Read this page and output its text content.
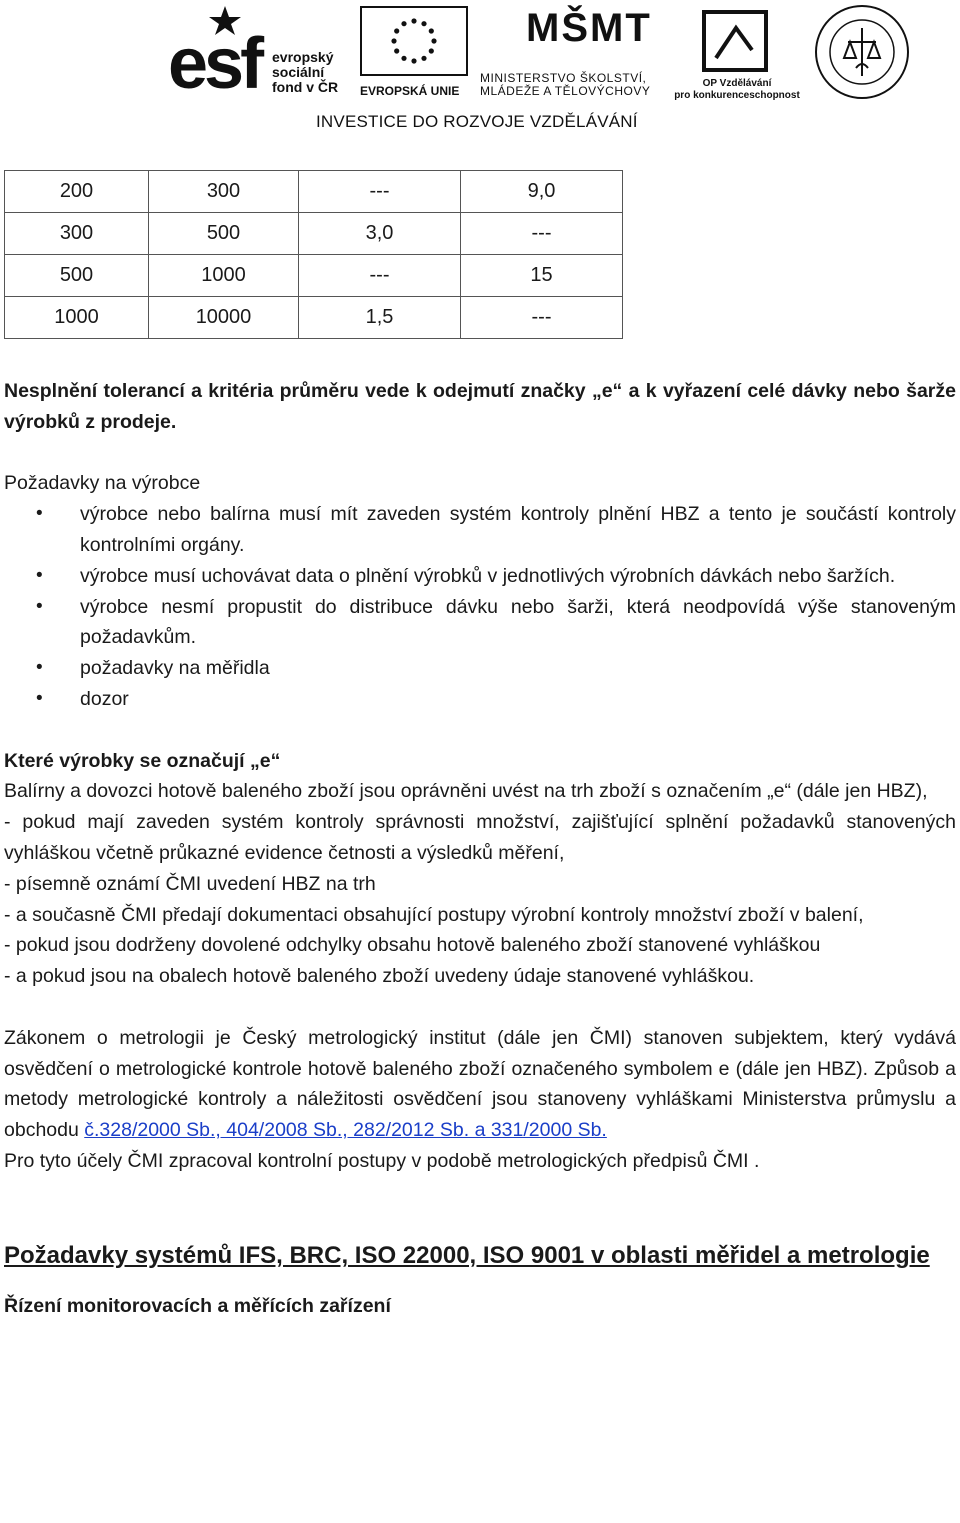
esf evropský
sociální
fond v ČR EVROPSKÁ UNIE
MŠMT
MINISTERSTVO ŠKOLSTVÍ,
MLÁDEŽE A TĚLOVÝCHOVY
OP Vzdělávání
pro konkurenceschopnost
INVESTICE DO ROZVOJE VZDĚLÁVÁNÍ
200	300	---	9,0
300	500	3,0	---
500	1000	---	15
1000	10000	1,5	---

Nesplnění tolerancí a kritéria průměru vede k odejmutí značky „e“ a k vyřazení celé dávky nebo šarže výrobků z prodeje.

Požadavky na výrobce

• výrobce nebo balírna musí mít zaveden systém kontroly plnění HBZ a tento je součástí kontroly kontrolními orgány.
• výrobce musí uchovávat data o plnění výrobků v jednotlivých výrobních dávkách nebo šaržích.
• výrobce nesmí propustit do distribuce dávku nebo šarži, která neodpovídá výše stanoveným požadavkům.
• požadavky na měřidla
• dozor

Které výrobky se označují „e“

Balírny a dovozci hotově baleného zboží jsou oprávněni uvést na trh zboží s označením „e“ (dále jen HBZ),

- pokud mají zaveden systém kontroly správnosti množství, zajišťující splnění požadavků stanovených vyhláškou včetně průkazné evidence četnosti a výsledků měření,

- písemně oznámí ČMI uvedení HBZ na trh

- a současně ČMI předají dokumentaci obsahující postupy výrobní kontroly množství zboží v balení,

- pokud jsou dodrženy dovolené odchylky obsahu hotově baleného zboží stanovené vyhláškou

- a pokud jsou na obalech hotově baleného zboží uvedeny údaje stanovené vyhláškou.

Zákonem o metrologii je Český metrologický institut (dále jen ČMI) stanoven subjektem, který vydává osvědčení o metrologické kontrole hotově baleného zboží označeného symbolem e (dále jen HBZ). Způsob a metody metrologické kontroly a náležitosti osvědčení jsou stanoveny vyhláškami Ministerstva průmyslu a obchodu č.328/2000 Sb., 404/2008 Sb., 282/2012 Sb. a 331/2000 Sb.

Pro tyto účely ČMI zpracoval kontrolní postupy v podobě metrologických předpisů ČMI .

Požadavky systémů IFS, BRC, ISO 22000, ISO 9001 v oblasti měřidel a metrologie

Řízení monitorovacích a měřících zařízení
